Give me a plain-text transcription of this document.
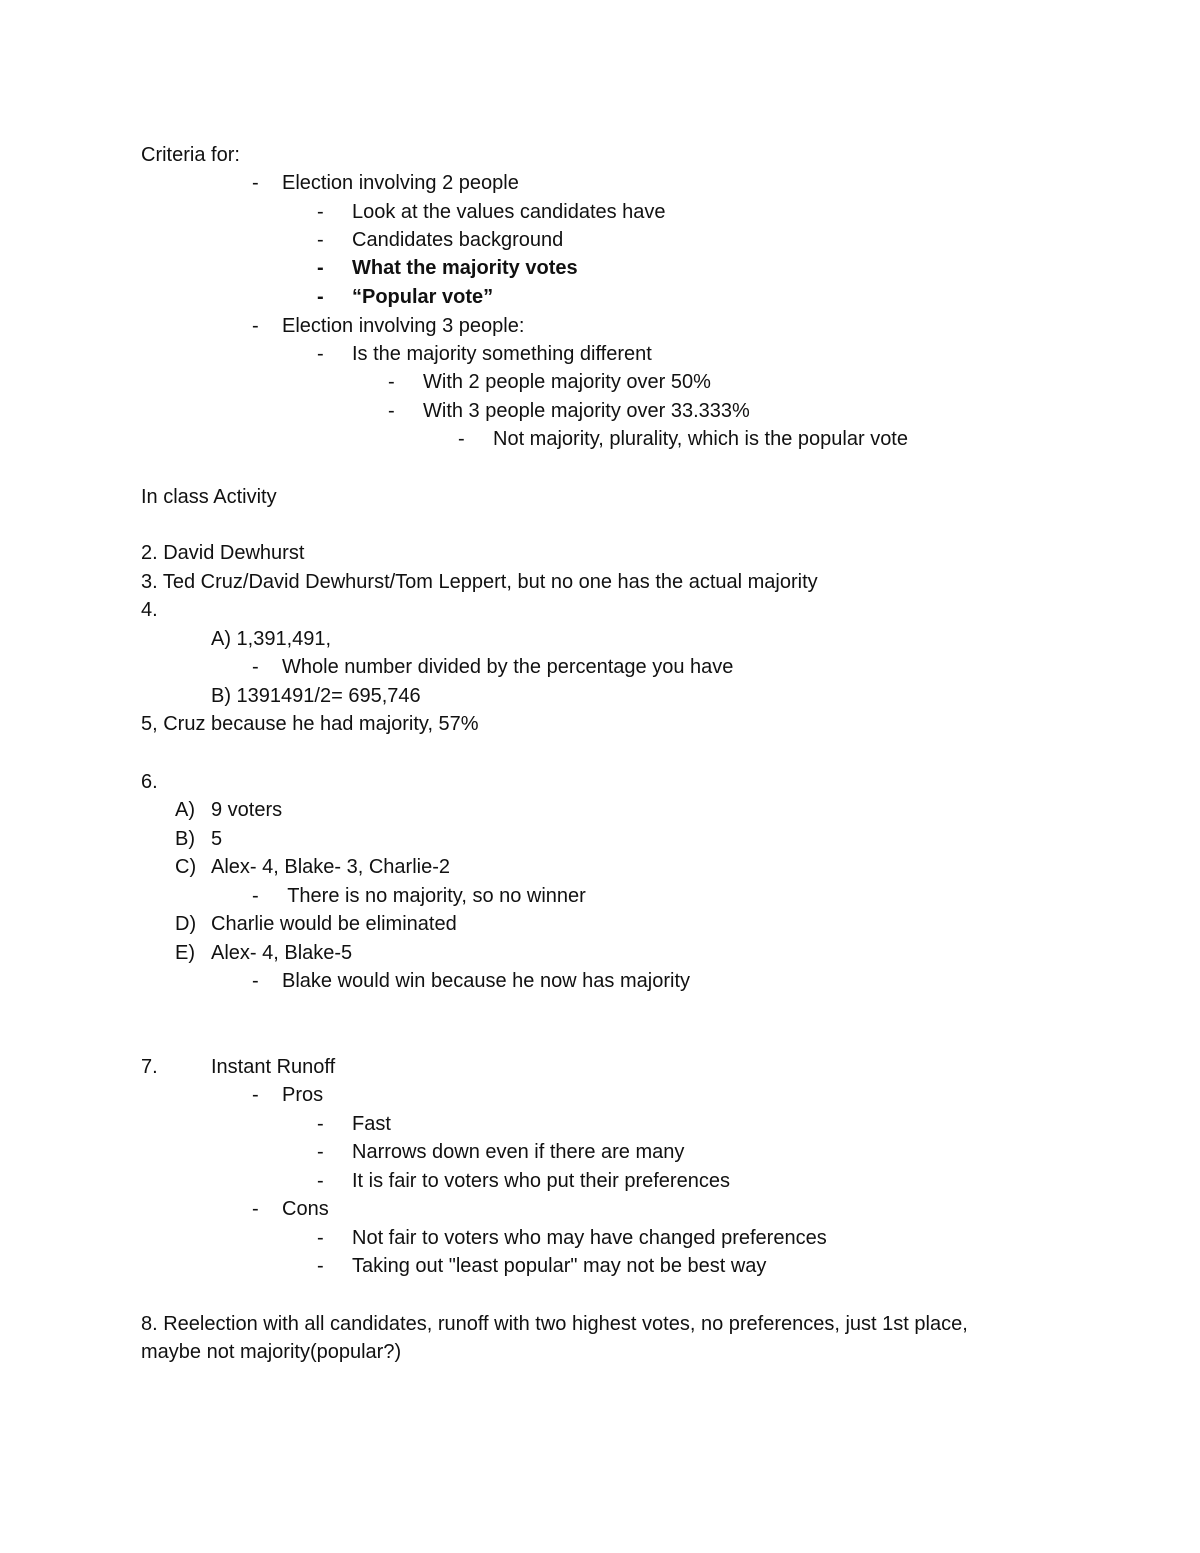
Criteria for:
- Election involving 2 people
- Look at the values candidates have
- Candidates background
- What the majority votes
- “Popular vote”
- Election involving 3 people:
- Is the majority something different
- With 2 people majority over 50%
- With 3 people majority over 33.333%
- Not majority, plurality, which is the popular vote
In class Activity
2. David Dewhurst
3. Ted Cruz/David Dewhurst/Tom Leppert, but no one has the actual majority
4.
A) 1,391,491,
- Whole number divided by the percentage you have
B) 1391491/2= 695,746
5, Cruz because he had majority, 57%
6.
A) 9 voters
B) 5
C) Alex- 4, Blake- 3, Charlie-2
- There is no majority, so no winner
D) Charlie would be eliminated
E) Alex- 4, Blake-5
- Blake would win because he now has majority
7.	Instant Runoff
- Pros
- Fast
- Narrows down even if there are many
- It is fair to voters who put their preferences
- Cons
- Not fair to voters who may have changed preferences
- Taking out "least popular" may not be best way
8. Reelection with all candidates, runoff with two highest votes, no preferences, just 1st place,
maybe not majority(popular?)
